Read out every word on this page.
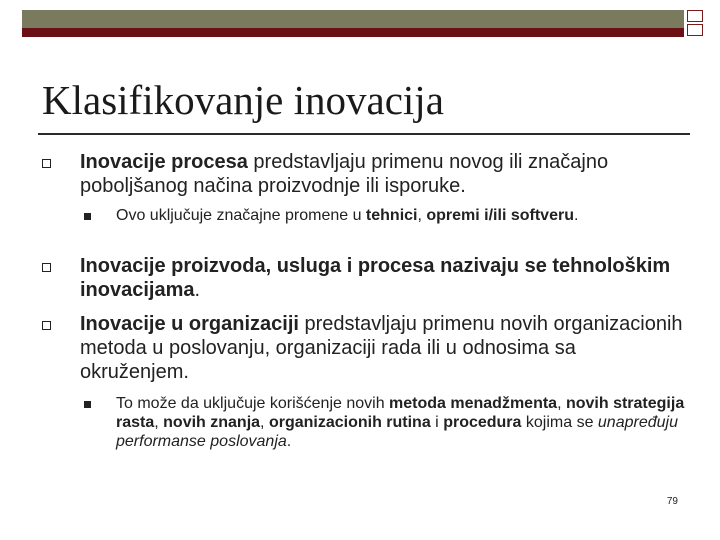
Klasifikovanje inovacija
Inovacije procesa predstavljaju primenu novog ili značajno poboljšanog načina proizvodnje ili isporuke.
Ovo uključuje značajne promene u tehnici, opremi i/ili softveru.
Inovacije proizvoda, usluga i procesa nazivaju se tehnološkim inovacijama.
Inovacije u organizaciji predstavljaju primenu novih organizacionih metoda u poslovanju, organizaciji rada ili u odnosima sa okruženjem.
To može da uključuje korišćenje novih metoda menadžmenta, novih strategija rasta, novih znanja, organizacionih rutina i procedura kojima se unapređuju performanse poslovanja.
79
